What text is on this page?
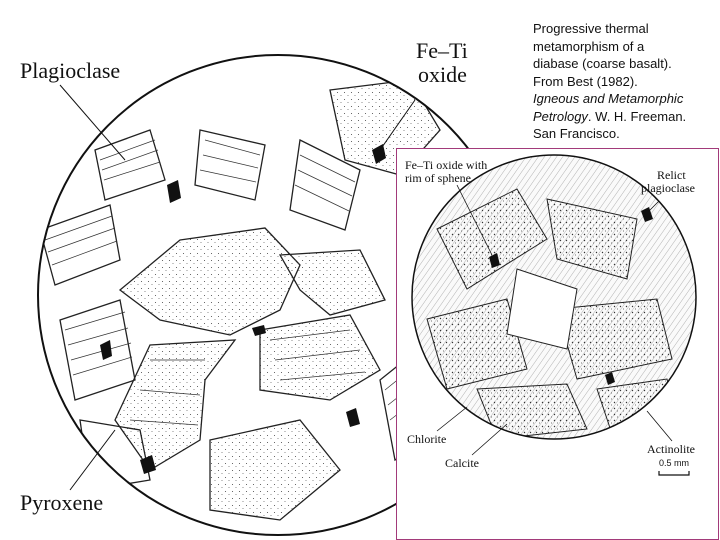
Plagioclase
Fe–Ti
oxide
Pyroxene
Progressive thermal
metamorphism of a
diabase (coarse basalt).
From Best (1982).
Igneous and Metamorphic
Petrology. W. H. Freeman.
San Francisco.
Fe–Ti oxide with
rim of sphene	Relict
plagioclase
Chlorite
Calcite
Actinolite
0.5 mm
